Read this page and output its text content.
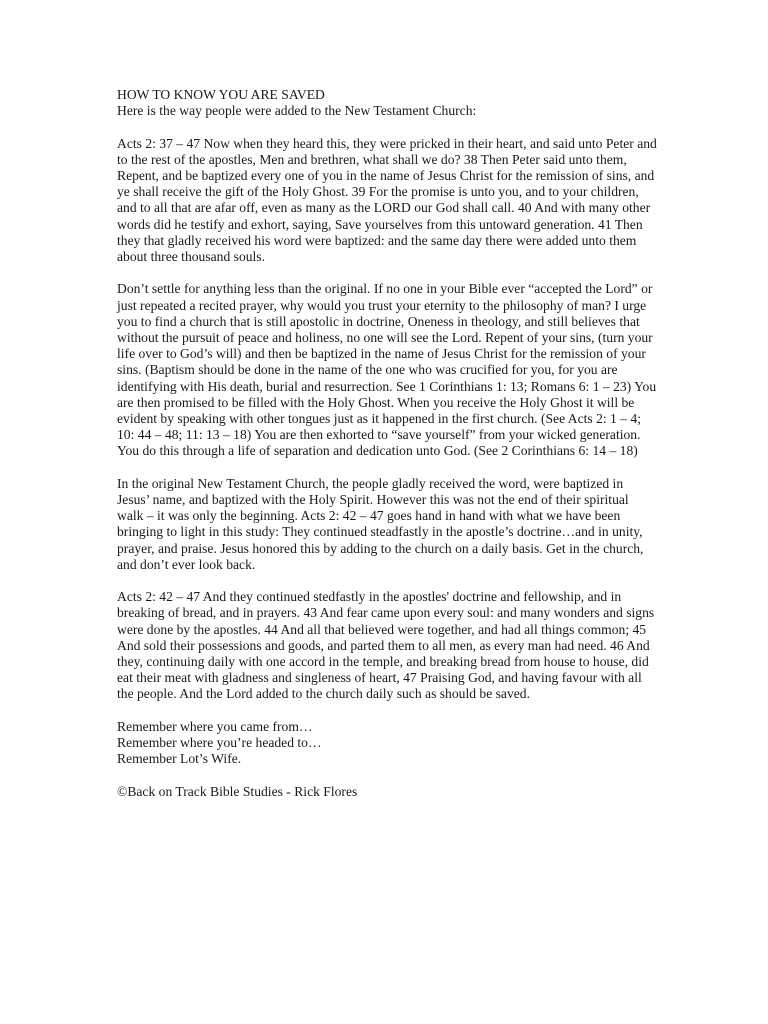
HOW TO KNOW YOU ARE SAVED

Here is the way people were added to the New Testament Church:

Acts 2: 37 – 47 Now when they heard this, they were pricked in their heart, and said unto Peter and to the rest of the apostles, Men and brethren, what shall we do? 38 Then Peter said unto them, Repent, and be baptized every one of you in the name of Jesus Christ for the remission of sins, and ye shall receive the gift of the Holy Ghost. 39 For the promise is unto you, and to your children, and to all that are afar off, even as many as the LORD our God shall call. 40 And with many other words did he testify and exhort, saying, Save yourselves from this untoward generation. 41 Then they that gladly received his word were baptized: and the same day there were added unto them about three thousand souls.

Don’t settle for anything less than the original. If no one in your Bible ever “accepted the Lord” or just repeated a recited prayer, why would you trust your eternity to the philosophy of man? I urge you to find a church that is still apostolic in doctrine, Oneness in theology, and still believes that without the pursuit of peace and holiness, no one will see the Lord. Repent of your sins, (turn your life over to God’s will) and then be baptized in the name of Jesus Christ for the remission of your sins. (Baptism should be done in the name of the one who was crucified for you, for you are identifying with His death, burial and resurrection. See 1 Corinthians 1: 13; Romans 6: 1 – 23) You are then promised to be filled with the Holy Ghost. When you receive the Holy Ghost it will be evident by speaking with other tongues just as it happened in the first church. (See Acts 2: 1 – 4; 10: 44 – 48; 11: 13 – 18) You are then exhorted to “save yourself” from your wicked generation. You do this through a life of separation and dedication unto God. (See 2 Corinthians 6: 14 – 18)

In the original New Testament Church, the people gladly received the word, were baptized in Jesus’ name, and baptized with the Holy Spirit. However this was not the end of their spiritual walk – it was only the beginning. Acts 2: 42 – 47 goes hand in hand with what we have been bringing to light in this study: They continued steadfastly in the apostle’s doctrine…and in unity, prayer, and praise. Jesus honored this by adding to the church on a daily basis. Get in the church, and don’t ever look back.

Acts 2: 42 – 47 And they continued stedfastly in the apostles' doctrine and fellowship, and in breaking of bread, and in prayers. 43 And fear came upon every soul: and many wonders and signs were done by the apostles. 44 And all that believed were together, and had all things common; 45 And sold their possessions and goods, and parted them to all men, as every man had need. 46 And they, continuing daily with one accord in the temple, and breaking bread from house to house, did eat their meat with gladness and singleness of heart, 47 Praising God, and having favour with all the people. And the Lord added to the church daily such as should be saved.

Remember where you came from…
Remember where you’re headed to…
Remember Lot’s Wife.

©Back on Track Bible Studies - Rick Flores
